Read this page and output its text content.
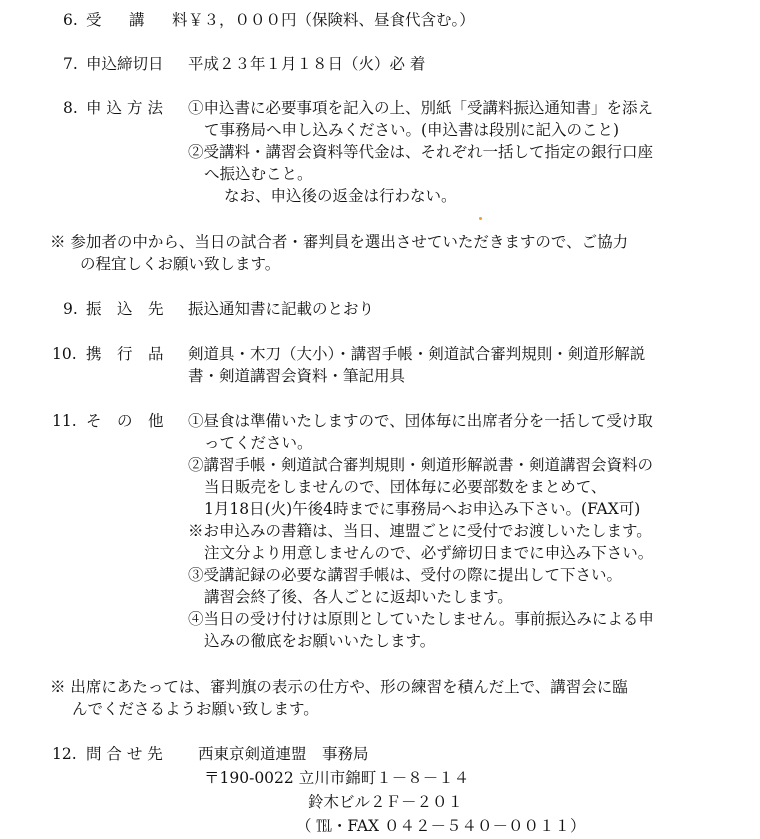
6. 受　講　料
￥３，０００円（保険料、昼食代含む。）
7. 申込締切日 平成２３年１月１８日（火）必 着
8. 申込方法 ①申込書に必要事項を記入の上、別紙「受講料振込通知書」を添え
て事務局へ申し込みください。(申込書は段別に記入のこと)
②受講料・講習会資料等代金は、それぞれ一括して指定の銀行口座
へ振込むこと。
なお、申込後の返金は行わない。
※ 参加者の中から、当日の試合者・審判員を選出させていただきますので、ご協力
の程宜しくお願い致します。
9. 振　込　先 振込通知書に記載のとおり
10. 携　行　品 剣道具・木刀（大小）・講習手帳・剣道試合審判規則・剣道形解説
書・剣道講習会資料・筆記用具
11. そ　の　他 ①昼食は準備いたしますので、団体毎に出席者分を一括して受け取
ってください。
②講習手帳・剣道試合審判規則・剣道形解説書・剣道講習会資料の
当日販売をしませんので、団体毎に必要部数をまとめて、
1月18日(火)午後4時までに事務局へお申込み下さい。(FAX可)
※お申込みの書籍は、当日、連盟ごとに受付でお渡しいたします。
注文分より用意しませんので、必ず締切日までに申込み下さい。
③受講記録の必要な講習手帳は、受付の際に提出して下さい。
講習会終了後、各人ごとに返却いたします。
④当日の受け付けは原則としていたしません。事前振込みによる申
込みの徹底をお願いいたします。
※ 出席にあたっては、審判旗の表示の仕方や、形の練習を積んだ上で、講習会に臨
んでくださるようお願い致します。
12. 問 合 せ 先 西東京剣道連盟　事務局
〒190-0022 立川市錦町１－８－１４
鈴木ビル２Ｆ－２０１
（ ℡・FAX ０４２－５４０－００１１）
